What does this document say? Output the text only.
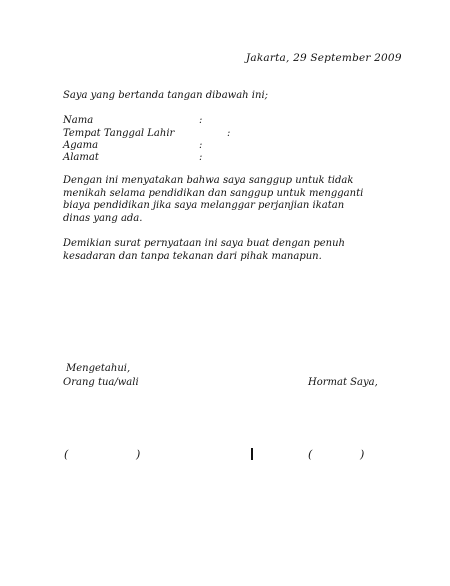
Jakarta, 29 September 2009
Saya yang bertanda tangan dibawah ini;
Nama	:
Tempat Tanggal Lahir	:
Agama	:
Alamat	:
Dengan ini menyatakan bahwa saya sanggup untuk tidak
menikah selama pendidikan dan sanggup untuk mengganti
biaya pendidikan jika saya melanggar perjanjian ikatan
dinas yang ada.
Demikian surat pernyataan ini saya buat dengan penuh
kesadaran dan tanpa tekanan dari pihak manapun.
Mengetahui,
Orang tua/wali	Hormat Saya,
(	)	(	)
